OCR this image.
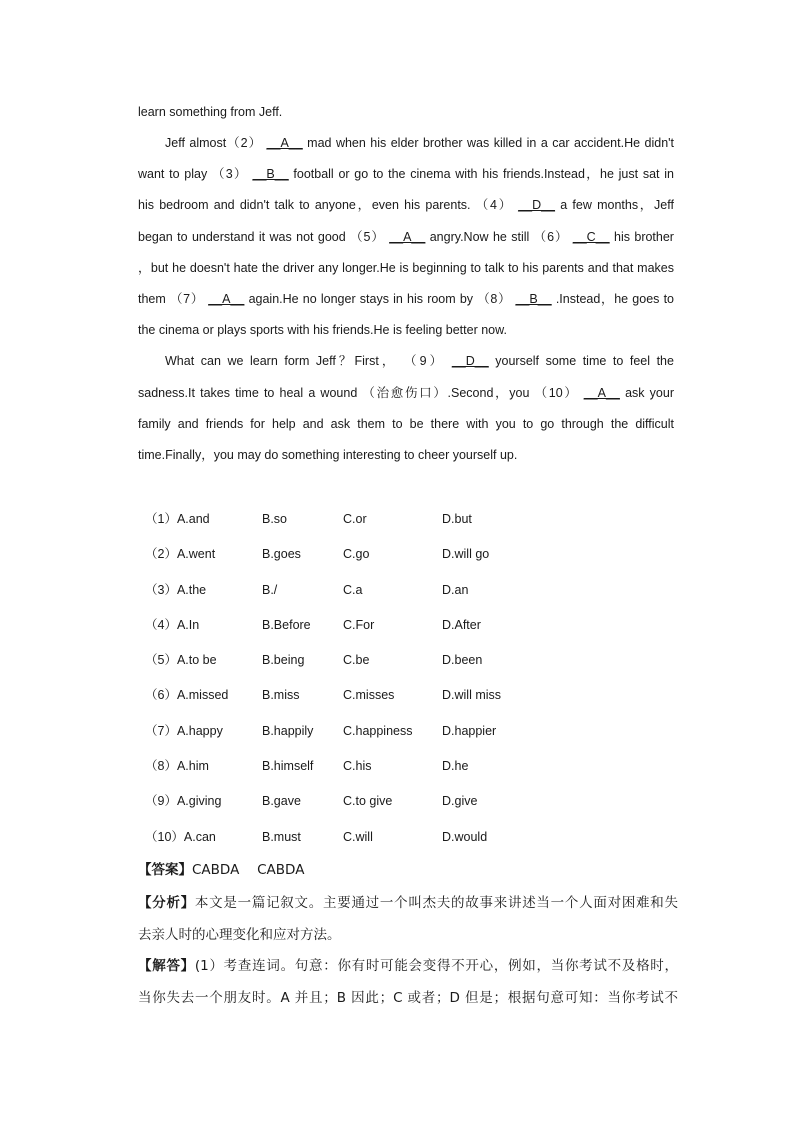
learn something from Jeff.
Jeff almost（2） __A__ mad when his elder brother was killed in a car accident.He didn't
want to play （3） __B__ football or go to the cinema with his friends.Instead，he just sat in
his bedroom and didn't talk to anyone，even his parents. （4） __D__ a few months，Jeff
began to understand it was not good （5） __A__ angry.Now he still （6） __C__ his brother
，but he doesn't hate the driver any longer.He is beginning to talk to his parents and that makes
them （7） __A__ again.He no longer stays in his room by （8） __B__ .Instead，he goes to
the cinema or plays sports with his friends.He is feeling better now.
What can we learn form Jeff？First， （9） __D__ yourself some time to feel the
sadness.It takes time to heal a wound （治愈伤口）.Second，you （10） __A__ ask your
family and friends for help and ask them to be there with you to go through the difficult
time.Finally，you may do something interesting to cheer yourself up.
（1）A.and	B.so	C.or	D.but
（2）A.went	B.goes	C.go	D.will go
（3）A.the	B./	C.a	D.an
（4）A.In	B.Before	C.For	D.After
（5）A.to be	B.being	C.be	D.been
（6）A.missed	B.miss	C.misses	D.will miss
（7）A.happy	B.happily C.happiness D.happier
（8）A.him	B.himself C.his	D.he
（9）A.giving	B.gave	C.to give	D.give
（10）A.can	B.must	C.will	D.would
【答案】CABDA　 CABDA
【分析】本文是一篇记叙文。主要通过一个叫杰夫的故事来讲述当一个人面对困难和失
去亲人时的心理变化和应对方法。
【解答】(1）考查连词。句意：你有时可能会变得不开心，例如，当你考试不及格时，
当你失去一个朋友时。A 并且；B 因此；C 或者；D 但是；根据句意可知：当你考试不
